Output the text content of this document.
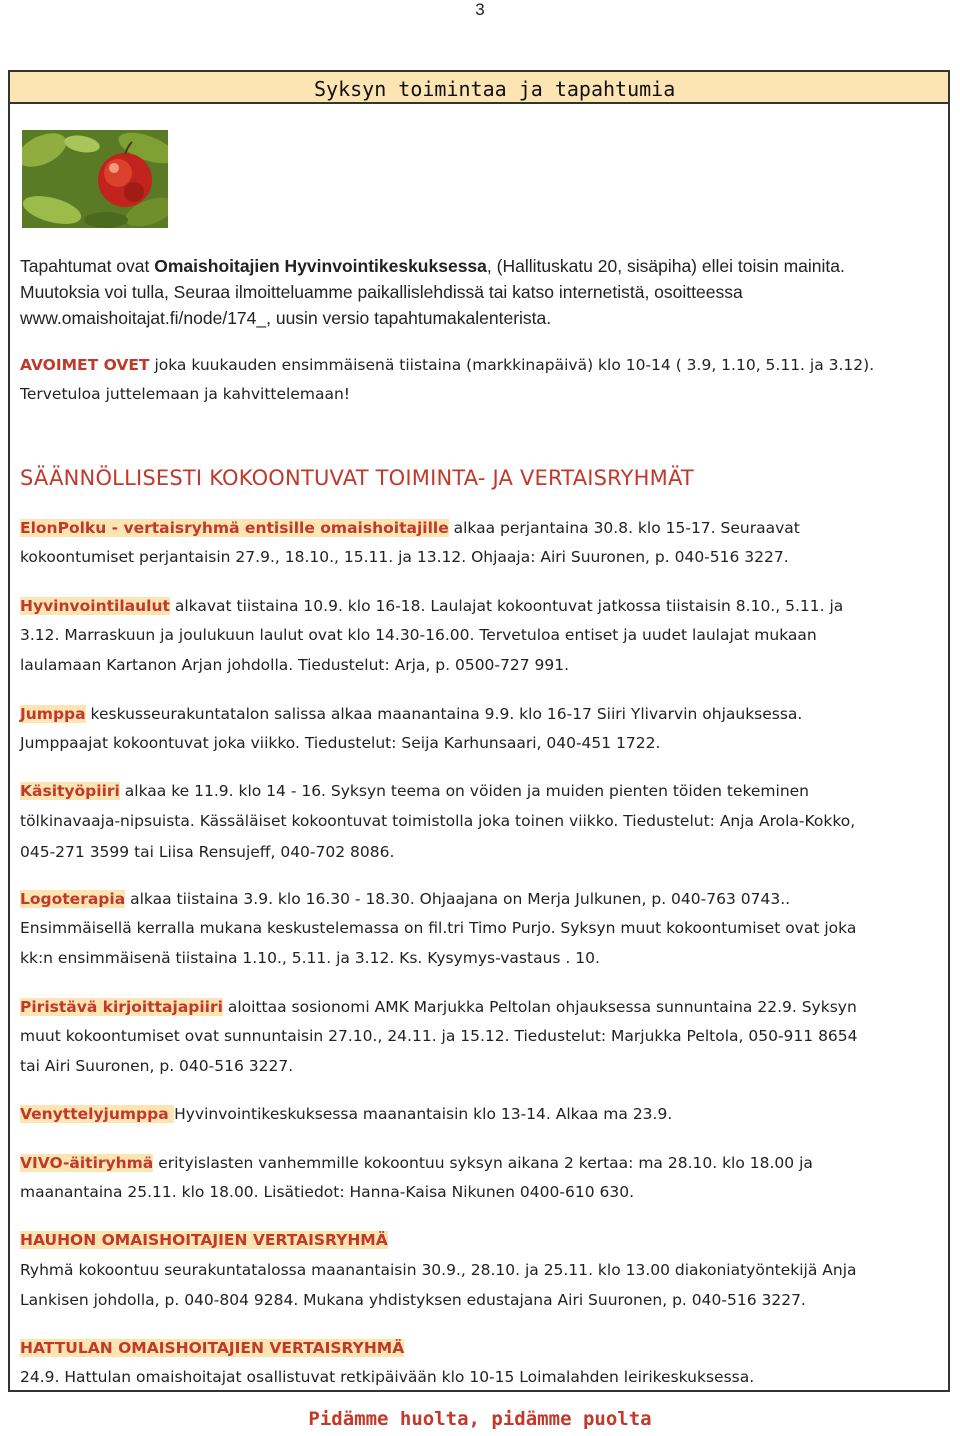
3
Syksyn toimintaa ja tapahtumia
Tapahtumat ovat Omaishoitajien Hyvinvointikeskuksessa, (Hallituskatu 20, sisäpiha) ellei toisin mainita.
Muutoksia voi tulla, Seuraa ilmoitteluamme paikallislehdissä tai katso internetistä, osoitteessa
www.omaishoitajat.fi/node/174_, uusin versio tapahtumakalenterista.
AVOIMET OVET joka kuukauden ensimmäisenä tiistaina (markkinapäivä) klo 10-14 ( 3.9, 1.10, 5.11. ja 3.12).
Tervetuloa juttelemaan ja kahvittelemaan!
SÄÄNNÖLLISESTI KOKOONTUVAT TOIMINTA- JA VERTAISRYHMÄT
ElonPolku - vertaisryhmä entisille omaishoitajille alkaa perjantaina 30.8. klo 15-17. Seuraavat
kokoontumiset perjantaisin 27.9., 18.10., 15.11. ja 13.12. Ohjaaja: Airi Suuronen, p. 040-516 3227.
Hyvinvointilaulut alkavat tiistaina 10.9. klo 16-18. Laulajat kokoontuvat jatkossa tiistaisin 8.10., 5.11. ja
3.12. Marraskuun ja joulukuun laulut ovat klo 14.30-16.00. Tervetuloa entiset ja uudet laulajat mukaan
laulamaan Kartanon Arjan johdolla. Tiedustelut: Arja, p. 0500-727 991.
Jumppa keskusseurakuntatalon salissa alkaa maanantaina 9.9. klo 16-17 Siiri Ylivarvin ohjauksessa.
Jumppaajat kokoontuvat joka viikko. Tiedustelut: Seija Karhunsaari, 040-451 1722.
Käsityöpiiri alkaa ke 11.9. klo 14 - 16. Syksyn teema on vöiden ja muiden pienten töiden tekeminen
tölkinavaaja-nipsuista. Kässäläiset kokoontuvat toimistolla joka toinen viikko. Tiedustelut: Anja Arola-Kokko,
045-271 3599 tai Liisa Rensujeff, 040-702 8086.
Logoterapia alkaa tiistaina 3.9. klo 16.30 - 18.30. Ohjaajana on Merja Julkunen, p. 040-763 0743..
Ensimmäisellä kerralla mukana keskustelemassa on fil.tri Timo Purjo. Syksyn muut kokoontumiset ovat joka
kk:n ensimmäisenä tiistaina 1.10., 5.11. ja 3.12. Ks. Kysymys-vastaus . 10.
Piristävä kirjoittajapiiri aloittaa sosionomi AMK Marjukka Peltolan ohjauksessa sunnuntaina 22.9. Syksyn
muut kokoontumiset ovat sunnuntaisin 27.10., 24.11. ja 15.12. Tiedustelut: Marjukka Peltola, 050-911 8654
tai Airi Suuronen, p. 040-516 3227.
Venyttelyjumppa Hyvinvointikeskuksessa maanantaisin klo 13-14. Alkaa ma 23.9.
VIVO-äitiryhmä erityislasten vanhemmille kokoontuu syksyn aikana 2 kertaa: ma 28.10. klo 18.00 ja
maanantaina 25.11. klo 18.00. Lisätiedot: Hanna-Kaisa Nikunen 0400-610 630.
HAUHON OMAISHOITAJIEN VERTAISRYHMÄ
Ryhmä kokoontuu seurakuntatalossa maanantaisin 30.9., 28.10. ja 25.11. klo 13.00 diakoniatyöntekijä Anja
Lankisen johdolla, p. 040-804 9284. Mukana yhdistyksen edustajana Airi Suuronen, p. 040-516 3227.
HATTULAN OMAISHOITAJIEN VERTAISRYHMÄ
24.9. Hattulan omaishoitajat osallistuvat retkipäivään klo 10-15 Loimalahden leirikeskuksessa.
Pidämme huolta, pidämme puolta
